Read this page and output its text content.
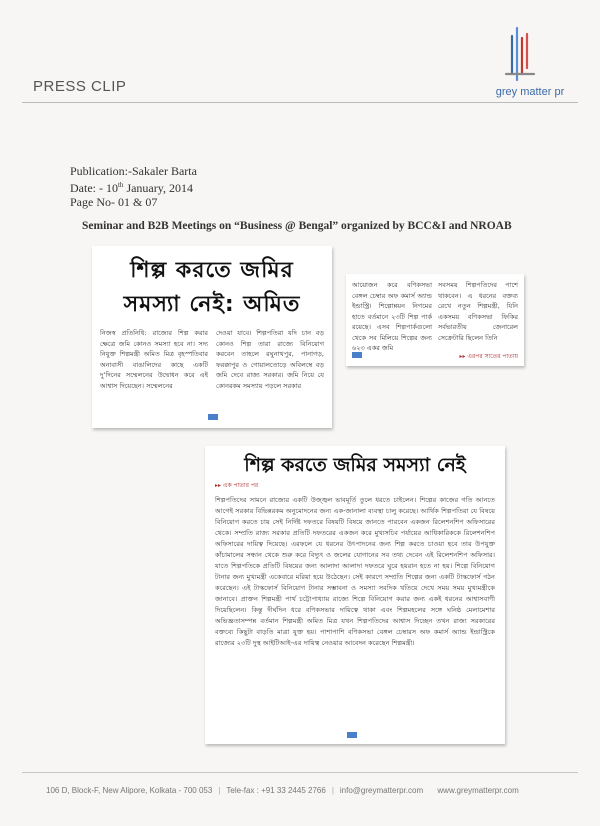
PRESS CLIP	grey matter pr
Publication:-Sakaler Barta
Date: - 10th January, 2014
Page No- 01 & 07
Seminar and B2B Meetings on “Business @ Bengal” organized by BCC&I and NROAB
শিল্প করতে জমির
সমস্যা নেই: অমিত
নিজস্ব প্রতিনিধি: রাজ্যের শিল্প করার ক্ষেত্রে জমি কোনও সমস্যা হবে না। সদ্য নিযুক্ত শিল্পমন্ত্রী অমিত মিত্র বৃহস্পতিবার অনাবাসী বাঙালিদের কাছে একটি দু’দিনের সম্মেলনের উদ্বোধন করে এই আশ্বাস দিয়েছেন। সম্মেলনের
দেওয়া যাবে। শিল্পপতিরা যদি চান বড় কোনও শিল্প তারা রাজ্যে বিনিয়োগ করবেন তাহলে রঘুনাথপুর, পানাগড়, ফরক্কাপুর ও গোয়ালতোড়ে অবিলম্বে বড় জমি দেবে রাজ্য সরকার। জমি নিয়ে যে কোনরকম সমস্যায় পড়লে সরকার
আয়োজন করে বণিকসভা বেঙ্গল চেম্বার অফ কমার্স অ্যান্ড ইন্ডাস্ট্রি। শিল্পোন্নয়ন নিগমের হাতে বর্তমানে ২৩টি শিল্প পার্ক রয়েছে। এসব শিল্পপার্কগুলো থেকে সব মিলিয়ে শিল্পের জন্য ৬২৩ একর জমি
সবসময় শিল্পপতিদের পাশে থাকবেন। এ ধরনের বক্তব্য রেখে নতুন শিল্পমন্ত্রী, যিনি একসময় বণিকসভা ফিকির সর্বভারতীয় জেনারেল সেক্রেটারি ছিলেন তিনি
▸▸ এরপর সাতের পাতায়
শিল্প করতে জমির সমস্যা নেই
▸▸ এক পাতার পর
শিল্পপতিদের সামনে রাজ্যের একটি উজ্জ্বল ভাবমূর্তি তুলে ধরতে চাইলেন। শিল্পের কাজের গতি আনতে আগেই সরকার বিভিন্নরকম অনুমোদনের জন্য এক-জানালা ব্যবস্থা চালু করেছে। আর্থিক শিল্পপতিরা যে বিষয়ে বিনিয়োগ করতে চায় সেই নির্দিষ্ট দফতরে বিষয়টি বিষয়ে জানতে পারবেন একজন রিলেশনশিপ অফিসারের থেকে। সম্প্রতি রাজ্য সরকার প্রতিটি দফতরের একজন করে মুখ্যসচিব পর্যায়ের আধিকারিককে রিলেশনশিপ অফিসারের দায়িত্ব দিয়েছে। এরফলে যে ধরনের উৎপাদনের জন্য শিল্প করতে চাওয়া হবে তার উপযুক্ত কাঁচামালের সন্ধান থেকে শুরু করে বিদ্যুৎ ও জলের যোগানের সব তথ্য দেবেন এই রিলেশনশিপ অফিসার। যাতে শিল্পপতিকে প্রতিটি বিষয়ের জন্য আলাদা আলাদা দফতরে ঘুরে হয়রান হতে না হয়। শিল্পে বিনিয়োগ টানার জন্য মুখ্যমন্ত্রী একেবারে মরিয়া হয়ে উঠেছেন। সেই কারণে সম্প্রতি শিল্পের জন্য একটি টাস্কফোর্স গঠন করেছেন। এই টাস্কফোর্স বিনিয়োগ টানার সম্ভাবনা ও সমস্যা সবদিক খতিয়ে দেখে সময় সময় মুখ্যমন্ত্রীকে জানাবে। প্রাক্তন শিল্পমন্ত্রী পার্থ চট্টোপাধ্যায় রাজ্যে শিল্পে বিনিয়োগ করার জন্য একই ধরনের আশ্বাসবাণী দিয়েছিলেন। কিন্তু দীর্ঘদিন ধরে বণিকসভার দায়িত্বে থাকা এবং শিল্পমহলের সঙ্গে ঘনিষ্ঠ মেলামেশার অভিজ্ঞতাসম্পন্ন বর্তমান শিল্পমন্ত্রী অমিত মিত্র যখন শিল্পপতিদের আশ্বাস দিচ্ছেন তখন রাজ্য সরকারের বক্তব্যে কিছুটা বাড়তি মাত্রা যুক্ত হয়। পাশাপাশি বণিকসভা বেঙ্গল চেম্বারস অফ কমার্স অ্যান্ড ইন্ডাস্ট্রিকে রাজ্যের ২৩টি দুস্থ আইটিআই-এর দায়িত্ব নেওয়ার আবেদন করেছেন শিল্পমন্ত্রী।
106 D, Block-F, New Alipore, Kolkata - 700 053 | Tele-fax : +91 33 2445 2766 | info@greymatterpr.com www.greymatterpr.com
